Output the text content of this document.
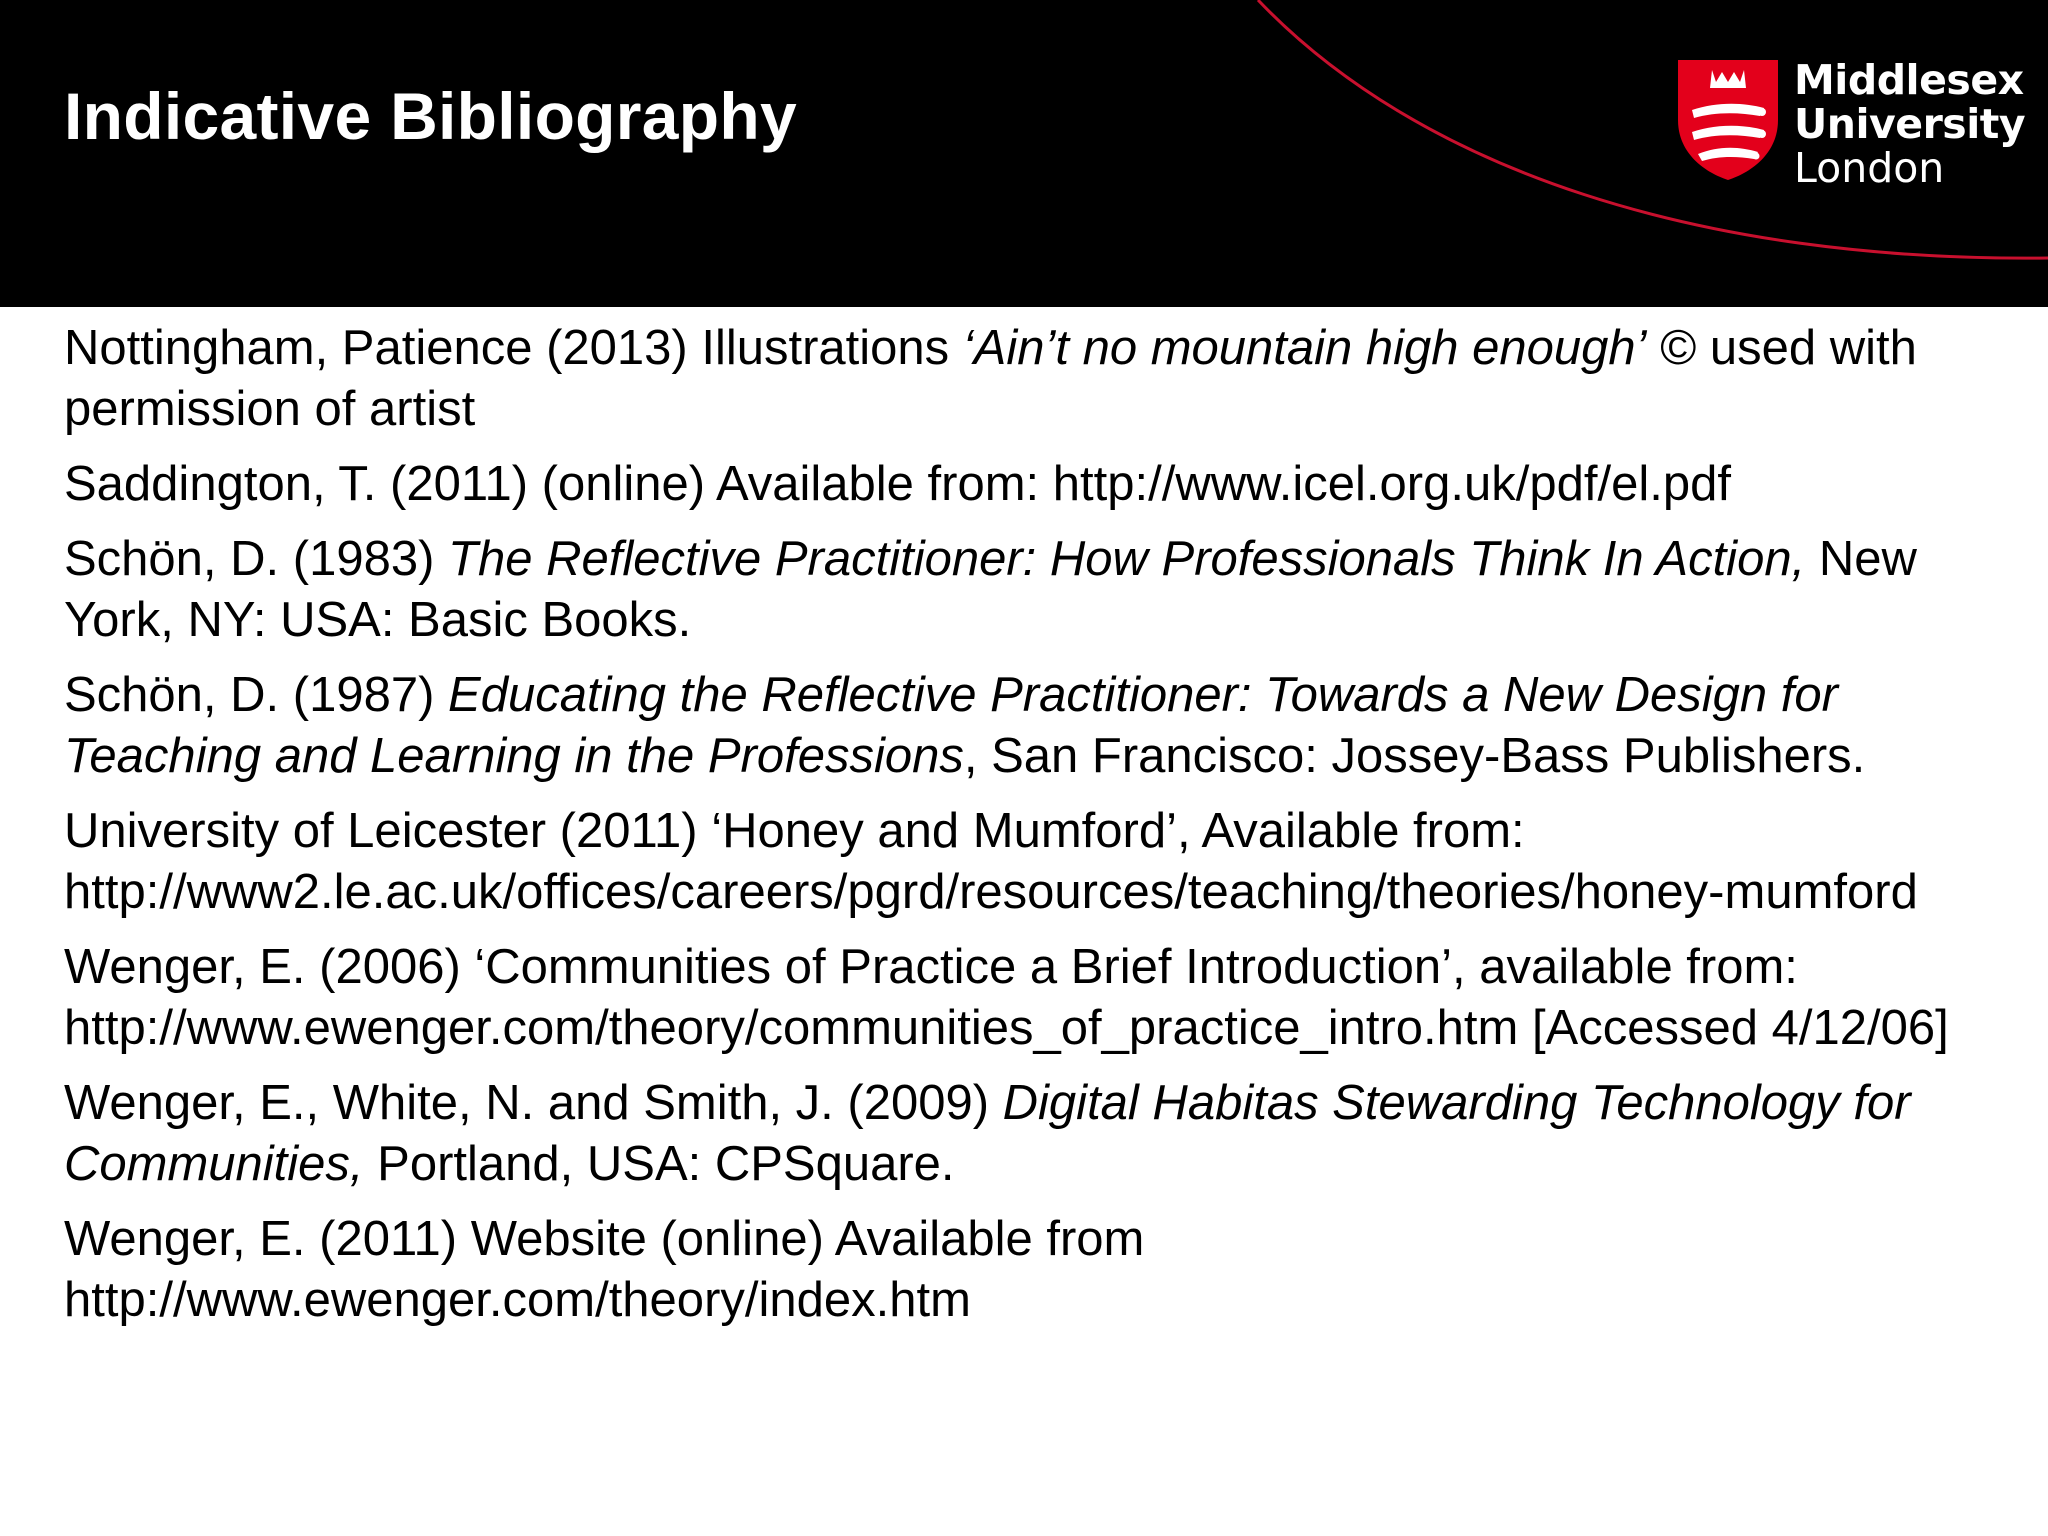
Indicative Bibliography	Middlesex
University
London
Nottingham, Patience (2013) Illustrations ‘Ain’t no mountain high enough’ © used with permission of artist
Saddington, T. (2011) (online) Available from: http://www.icel.org.uk/pdf/el.pdf
Schön, D. (1983) The Reflective Practitioner: How Professionals Think In Action, New York, NY: USA: Basic Books.
Schön, D. (1987) Educating the Reflective Practitioner: Towards a New Design for Teaching and Learning in the Professions, San Francisco: Jossey-Bass Publishers.
University of Leicester (2011) ‘Honey and Mumford’, Available from: http://www2.le.ac.uk/offices/careers/pgrd/resources/teaching/theories/honey-mumford
Wenger, E. (2006) ‘Communities of Practice a Brief Introduction’, available from: http://www.ewenger.com/theory/communities_of_practice_intro.htm [Accessed 4/12/06]
Wenger, E., White, N. and Smith, J. (2009) Digital Habitas Stewarding Technology for Communities, Portland, USA: CPSquare.
Wenger, E. (2011) Website (online) Available from http://www.ewenger.com/theory/index.htm
